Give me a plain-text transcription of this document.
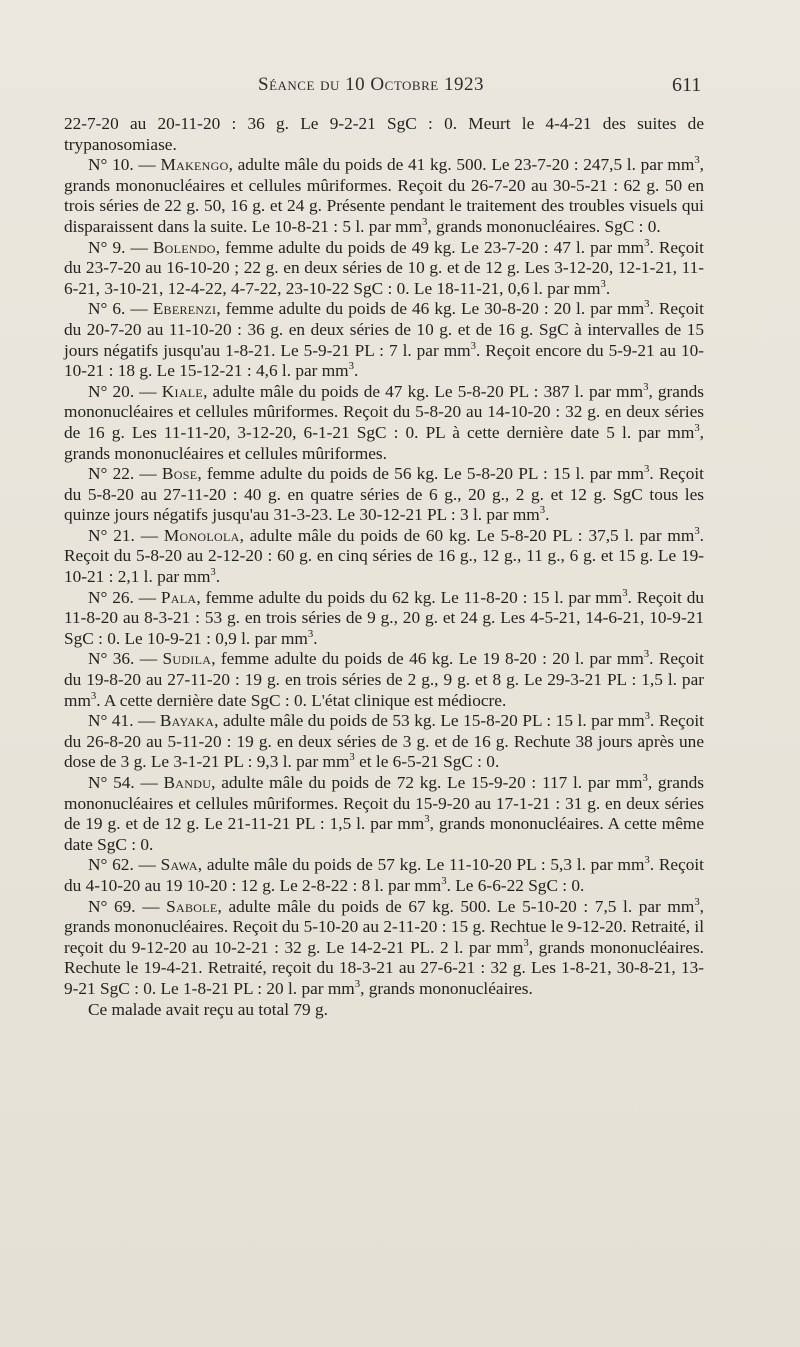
Séance du 10 Octobre 1923	611

22-7-20 au 20-11-20 : 36 g. Le 9-2-21 SgC : 0. Meurt le 4-4-21 des suites de trypanosomiase.

N° 10. — Makengo, adulte mâle du poids de 41 kg. 500. Le 23-7-20 : 247,5 l. par $mm^3$, grands mononucléaires et cellules mûriformes. Reçoit du 26-7-20 au 30-5-21 : 62 g. 50 en trois séries de 22 g. 50, 16 g. et 24 g. Présente pendant le traitement des troubles visuels qui disparaissent dans la suite. Le 10-8-21 : 5 l. par $mm^3$, grands mononucléaires. SgC : 0.

N° 9. — Bolendo, femme adulte du poids de 49 kg. Le 23-7-20 : 47 l. par $mm^3$. Reçoit du 23-7-20 au 16-10-20 ; 22 g. en deux séries de 10 g. et de 12 g. Les 3-12-20, 12-1-21, 11-6-21, 3-10-21, 12-4-22, 4-7-22, 23-10-22 SgC : 0. Le 18-11-21, 0,6 l. par $mm^3$.

N° 6. — Eberenzi, femme adulte du poids de 46 kg. Le 30-8-20 : 20 l. par $mm^3$. Reçoit du 20-7-20 au 11-10-20 : 36 g. en deux séries de 10 g. et de 16 g. SgC à intervalles de 15 jours négatifs jusqu'au 1-8-21. Le 5-9-21 PL : 7 l. par $mm^3$. Reçoit encore du 5-9-21 au 10-10-21 : 18 g. Le 15-12-21 : 4,6 l. par $mm^3$.

N° 20. — Kiale, adulte mâle du poids de 47 kg. Le 5-8-20 PL : 387 l. par $mm^3$, grands mononucléaires et cellules mûriformes. Reçoit du 5-8-20 au 14-10-20 : 32 g. en deux séries de 16 g. Les 11-11-20, 3-12-20, 6-1-21 SgC : 0. PL à cette dernière date 5 l. par $mm^3$, grands mononucléaires et cellules mûriformes.

N° 22. — Bose, femme adulte du poids de 56 kg. Le 5-8-20 PL : 15 l. par $mm^3$. Reçoit du 5-8-20 au 27-11-20 : 40 g. en quatre séries de 6 g., 20 g., 2 g. et 12 g. SgC tous les quinze jours négatifs jusqu'au 31-3-23. Le 30-12-21 PL : 3 l. par $mm^3$.

N° 21. — Monolola, adulte mâle du poids de 60 kg. Le 5-8-20 PL : 37,5 l. par $mm^3$. Reçoit du 5-8-20 au 2-12-20 : 60 g. en cinq séries de 16 g., 12 g., 11 g., 6 g. et 15 g. Le 19-10-21 : 2,1 l. par $mm^3$.

N° 26. — Pala, femme adulte du poids du 62 kg. Le 11-8-20 : 15 l. par $mm^3$. Reçoit du 11-8-20 au 8-3-21 : 53 g. en trois séries de 9 g., 20 g. et 24 g. Les 4-5-21, 14-6-21, 10-9-21 SgC : 0. Le 10-9-21 : 0,9 l. par $mm^3$.

N° 36. — Sudila, femme adulte du poids de 46 kg. Le 19 8-20 : 20 l. par $mm^3$. Reçoit du 19-8-20 au 27-11-20 : 19 g. en trois séries de 2 g., 9 g. et 8 g. Le 29-3-21 PL : 1,5 l. par $mm^3$. A cette dernière date SgC : 0. L'état clinique est médiocre.

N° 41. — Bayaka, adulte mâle du poids de 53 kg. Le 15-8-20 PL : 15 l. par $mm^3$. Reçoit du 26-8-20 au 5-11-20 : 19 g. en deux séries de 3 g. et de 16 g. Rechute 38 jours après une dose de 3 g. Le 3-1-21 PL : 9,3 l. par $mm^3$ et le 6-5-21 SgC : 0.

N° 54. — Bandu, adulte mâle du poids de 72 kg. Le 15-9-20 : 117 l. par $mm^3$, grands mononucléaires et cellules mûriformes. Reçoit du 15-9-20 au 17-1-21 : 31 g. en deux séries de 19 g. et de 12 g. Le 21-11-21 PL : 1,5 l. par $mm^3$, grands mononucléaires. A cette même date SgC : 0.

N° 62. — Sawa, adulte mâle du poids de 57 kg. Le 11-10-20 PL : 5,3 l. par $mm^3$. Reçoit du 4-10-20 au 19 10-20 : 12 g. Le 2-8-22 : 8 l. par $mm^3$. Le 6-6-22 SgC : 0.

N° 69. — Sabole, adulte mâle du poids de 67 kg. 500. Le 5-10-20 : 7,5 l. par $mm^3$, grands mononucléaires. Reçoit du 5-10-20 au 2-11-20 : 15 g. Rechtue le 9-12-20. Retraité, il reçoit du 9-12-20 au 10-2-21 : 32 g. Le 14-2-21 PL. 2 l. par $mm^3$, grands mononucléaires. Rechute le 19-4-21. Retraité, reçoit du 18-3-21 au 27-6-21 : 32 g. Les 1-8-21, 30-8-21, 13-9-21 SgC : 0. Le 1-8-21 PL : 20 l. par $mm^3$, grands mononucléaires.

Ce malade avait reçu au total 79 g.
